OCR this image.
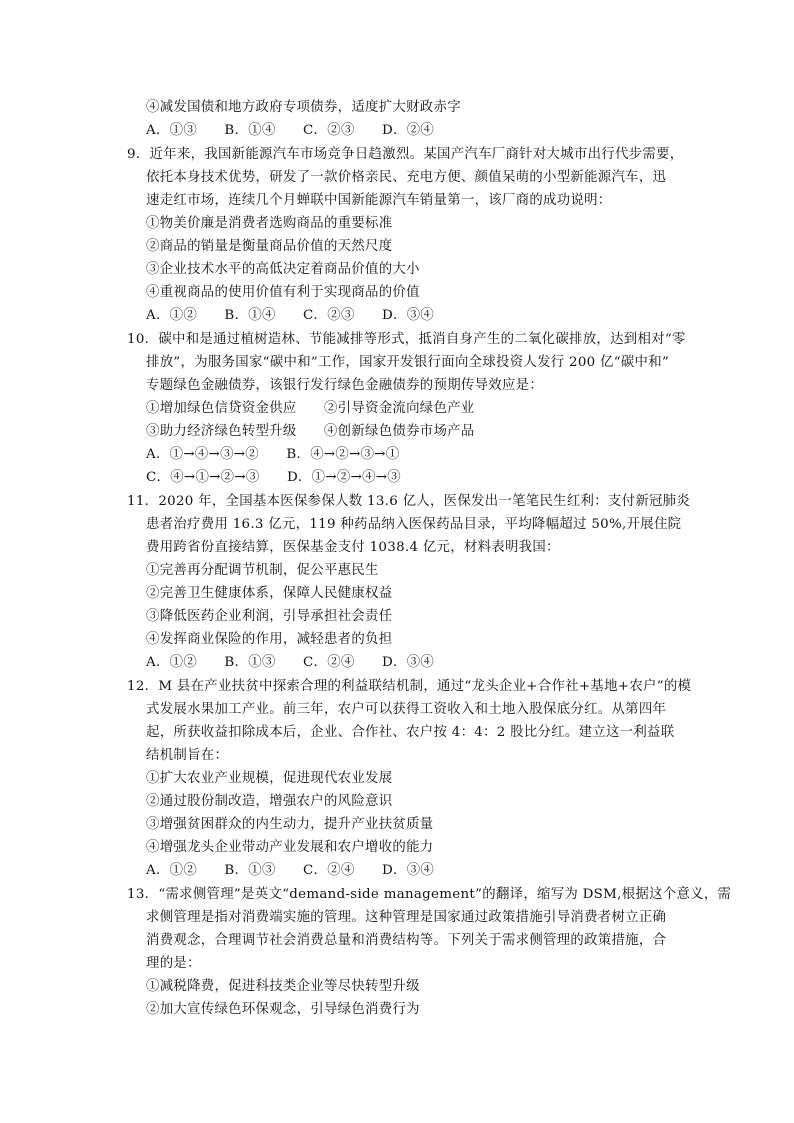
④减发国债和地方政府专项债券，适度扩大财政赤字
A．①③　　B．①④　　C．②③　　D．②④
9．近年来，我国新能源汽车市场竞争日趋激烈。某国产汽车厂商针对大城市出行代步需要，
依托本身技术优势，研发了一款价格亲民、充电方便、颜值呆萌的小型新能源汽车，迅
速走红市场，连续几个月蝉联中国新能源汽车销量第一，该厂商的成功说明：
①物美价廉是消费者选购商品的重要标准
②商品的销量是衡量商品价值的天然尺度
③企业技术水平的高低决定着商品价值的大小
④重视商品的使用价值有利于实现商品的价值
A．①②　　B．①④　　C．②③　　D．③④
10．碳中和是通过植树造林、节能减排等形式，抵消自身产生的二氧化碳排放，达到相对“零
排放”，为服务国家“碳中和”工作，国家开发银行面向全球投资人发行 200 亿“碳中和”
专题绿色金融债券，该银行发行绿色金融债券的预期传导效应是：
①增加绿色信贷资金供应　　②引导资金流向绿色产业
③助力经济绿色转型升级　　④创新绿色债券市场产品
A．①→④→③→②　　B．④→②→③→①
C．④→①→②→③　　D．①→②→④→③
11．2020 年，全国基本医保参保人数 13.6 亿人，医保发出一笔笔民生红利：支付新冠肺炎
患者治疗费用 16.3 亿元，119 种药品纳入医保药品目录，平均降幅超过 50%,开展住院
费用跨省份直接结算，医保基金支付 1038.4 亿元，材料表明我国：
①完善再分配调节机制，促公平惠民生
②完善卫生健康体系，保障人民健康权益
③降低医药企业利润，引导承担社会责任
④发挥商业保险的作用，减轻患者的负担
A．①②　　B．①③　　C．②④　　D．③④
12．M 县在产业扶贫中探索合理的利益联结机制，通过“龙头企业+合作社+基地+农户”的模
式发展水果加工产业。前三年，农户可以获得工资收入和土地入股保底分红。从第四年
起，所获收益扣除成本后，企业、合作社、农户按 4：4：2 股比分红。建立这一利益联
结机制旨在：
①扩大农业产业规模，促进现代农业发展
②通过股份制改造，增强农户的风险意识
③增强贫困群众的内生动力，提升产业扶贫质量
④增强龙头企业带动产业发展和农户增收的能力
A．①②　　B．①③　　C．②④　　D．③④
13．“需求侧管理”是英文“demand-side management”的翻译，缩写为 DSM,根据这个意义，需
求侧管理是指对消费端实施的管理。这种管理是国家通过政策措施引导消费者树立正确
消费观念，合理调节社会消费总量和消费结构等。下列关于需求侧管理的政策措施，合
理的是：
①减税降费，促进科技类企业等尽快转型升级
②加大宣传绿色环保观念，引导绿色消费行为
